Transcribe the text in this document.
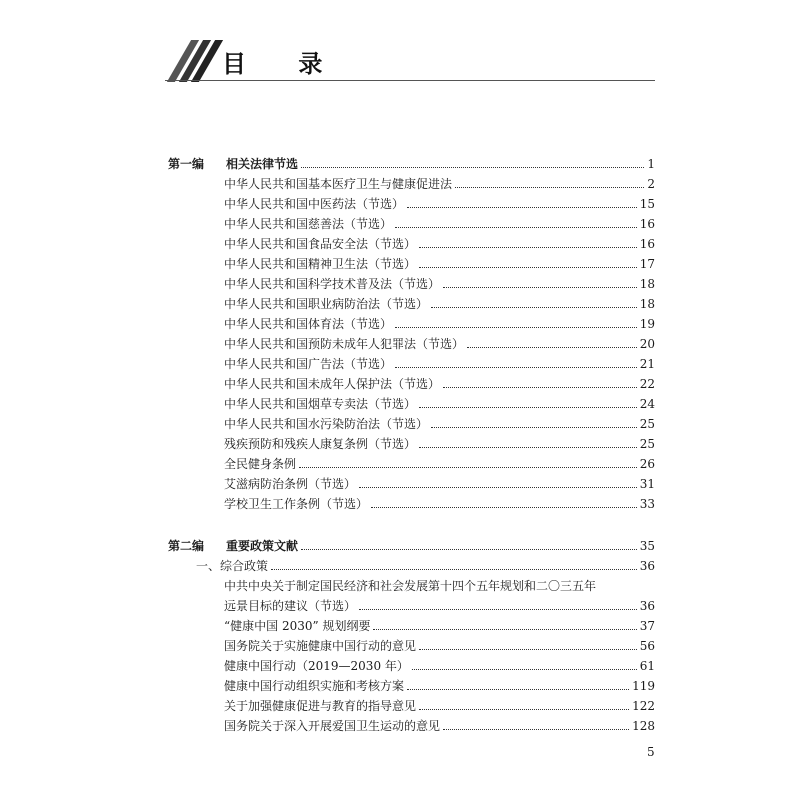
目 录
第一编 相关法律节选	1
中华人民共和国基本医疗卫生与健康促进法	2
中华人民共和国中医药法（节选）	15
中华人民共和国慈善法（节选）	16
中华人民共和国食品安全法（节选）	16
中华人民共和国精神卫生法（节选）	17
中华人民共和国科学技术普及法（节选）	18
中华人民共和国职业病防治法（节选）	18
中华人民共和国体育法（节选）	19
中华人民共和国预防未成年人犯罪法（节选）	20
中华人民共和国广告法（节选）	21
中华人民共和国未成年人保护法（节选）	22
中华人民共和国烟草专卖法（节选）	24
中华人民共和国水污染防治法（节选）	25
残疾预防和残疾人康复条例（节选）	25
全民健身条例	26
艾滋病防治条例（节选）	31
学校卫生工作条例（节选）	33
第二编 重要政策文献	35
一、综合政策	36
中共中央关于制定国民经济和社会发展第十四个五年规划和二〇三五年
远景目标的建议（节选）	36
“健康中国 2030” 规划纲要	37
国务院关于实施健康中国行动的意见	56
健康中国行动（2019—2030 年）	61
健康中国行动组织实施和考核方案	119
关于加强健康促进与教育的指导意见	122
国务院关于深入开展爱国卫生运动的意见	128
5
